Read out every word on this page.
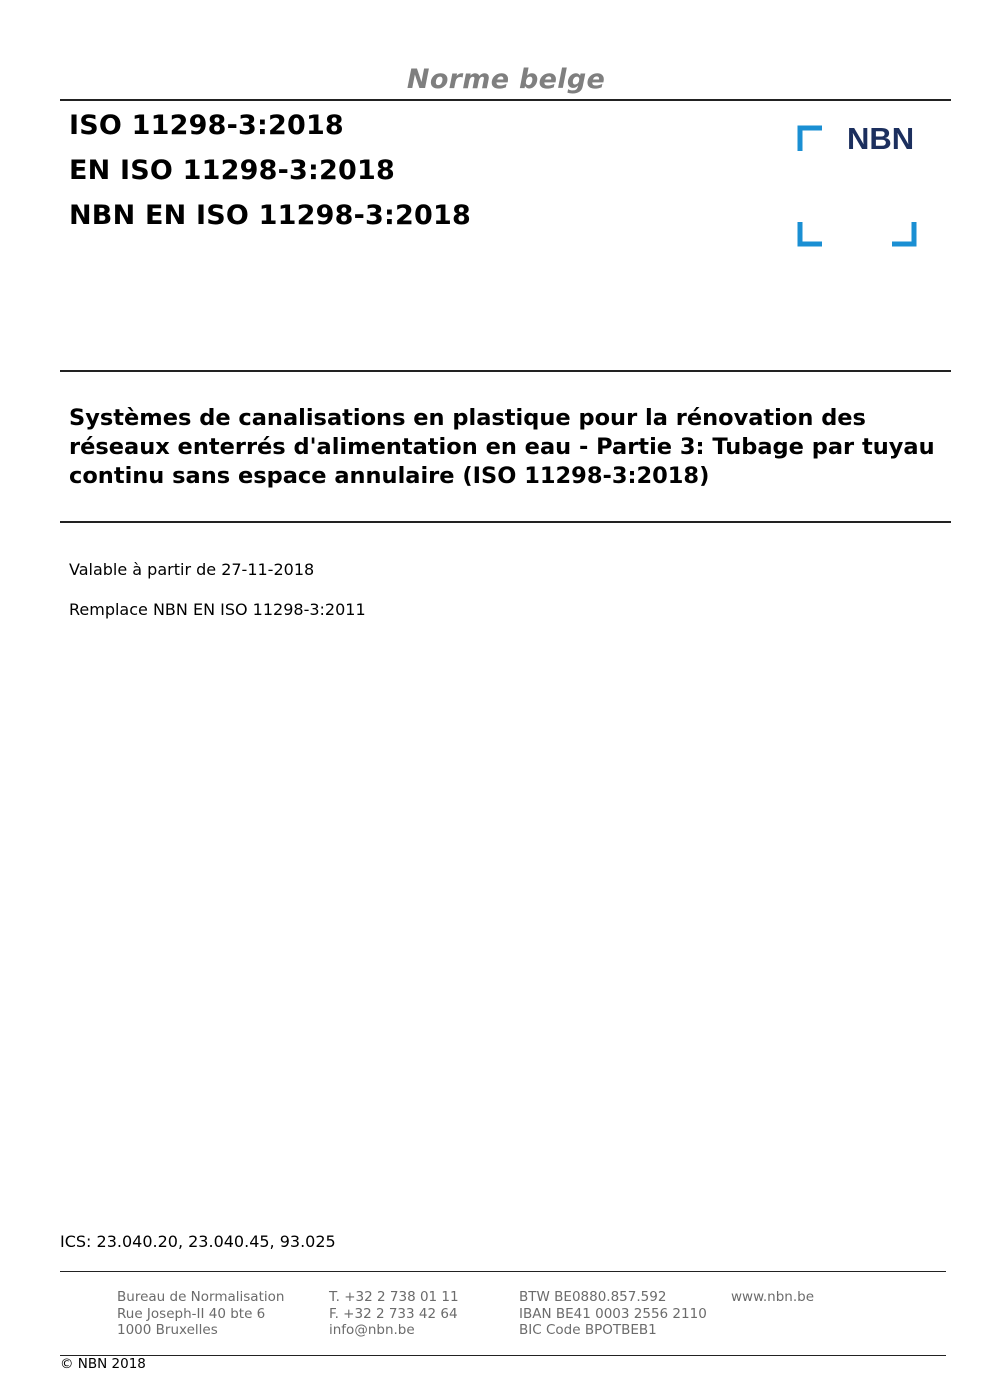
Norme belge
ISO 11298-3:2018
EN ISO 11298-3:2018
NBN EN ISO 11298-3:2018
NBN
Systèmes de canalisations en plastique pour la rénovation des réseaux enterrés d'alimentation en eau - Partie 3: Tubage par tuyau continu sans espace annulaire (ISO 11298-3:2018)
Valable à partir de 27-11-2018
Remplace NBN EN ISO 11298-3:2011
ICS: 23.040.20, 23.040.45, 93.025
Bureau de Normalisation
Rue Joseph-II 40 bte 6
1000 Bruxelles
T. +32 2 738 01 11
F. +32 2 733 42 64
info@nbn.be
BTW BE0880.857.592
IBAN BE41 0003 2556 2110
BIC Code BPOTBEB1
www.nbn.be
© NBN 2018
